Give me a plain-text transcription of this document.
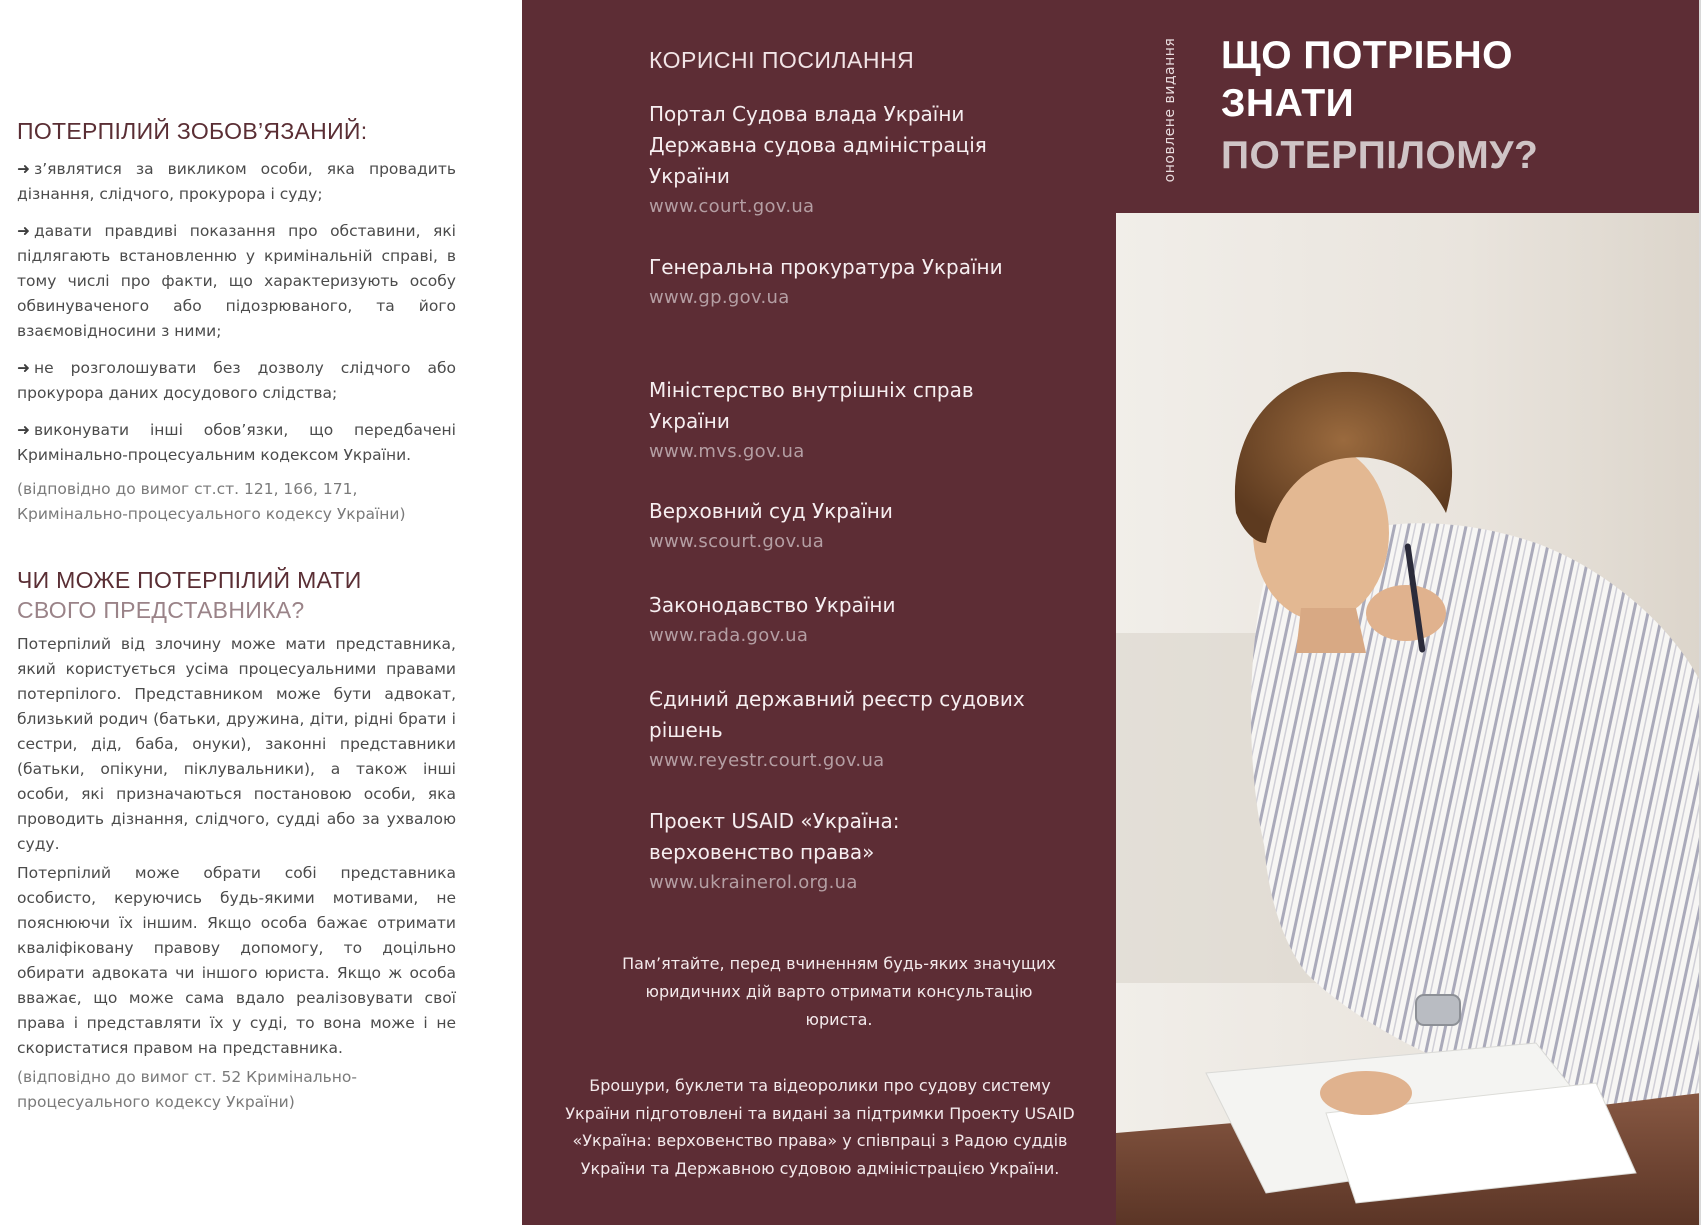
ПОТЕРПІЛИЙ ЗОБОВ’ЯЗАНИЙ:

➜ з’являтися за викликом особи, яка провадить дізнання, слідчого, прокурора і суду;

➜ давати правдиві показання про обставини, які підлягають встановленню у кримінальній справі, в тому числі про факти, що характеризують особу обвинуваченого або підозрюваного, та його взаємовідносини з ними;

➜ не розголошувати без дозволу слідчого або прокурора даних досудового слідства;

➜ виконувати інші обов’язки, що передбачені Кримінально-процесуальним кодексом України.

(відповідно до вимог ст.ст. 121, 166, 171, Кримінально-процесуального кодексу України)

ЧИ МОЖЕ ПОТЕРПІЛИЙ МАТИ
СВОГО ПРЕДСТАВНИКА?

Потерпілий від злочину може мати представника, який користується усіма процесуальними правами потерпілого. Представником може бути адвокат, близький родич (батьки, дружина, діти, рідні брати і сестри, дід, баба, онуки), законні представники (батьки, опікуни, піклувальники), а також інші особи, які призначаються постановою особи, яка проводить дізнання, слідчого, судді або за ухвалою суду.

Потерпілий може обрати собі представника особисто, керуючись будь-якими мотивами, не пояснюючи їх іншим. Якщо особа бажає отримати кваліфіковану правову допомогу, то доцільно обирати адвоката чи іншого юриста. Якщо ж особа вважає, що може сама вдало реалізовувати свої права і представляти їх у суді, то вона може і не скористатися правом на представника.

(відповідно до вимог ст. 52 Кримінально-процесуального кодексу України)

КОРИСНІ ПОСИЛАННЯ

Портал Судова влада України Державна судова адміністрація України

www.court.gov.ua

Генеральна прокуратура України

www.gp.gov.ua

Міністерство внутрішніх справ України

www.mvs.gov.ua

Верховний суд України

www.scourt.gov.ua

Законодавство України

www.rada.gov.ua

Єдиний державний реєстр судових рішень

www.reyestr.court.gov.ua

Проект USAID «Україна: верховенство права»

www.ukrainerol.org.ua

Пам’ятайте, перед вчиненням будь-яких значущих юридичних дій варто отримати консультацію юриста.

Брошури, буклети та відеоролики про судову систему України підготовлені та видані за підтримки Проекту USAID «Україна: верховенство права» у співпраці з Радою суддів України та Державною судовою адміністрацією України.

оновлене видання ЩО ПОТРІБНО
ЗНАТИ
ПОТЕРПІЛОМУ?
